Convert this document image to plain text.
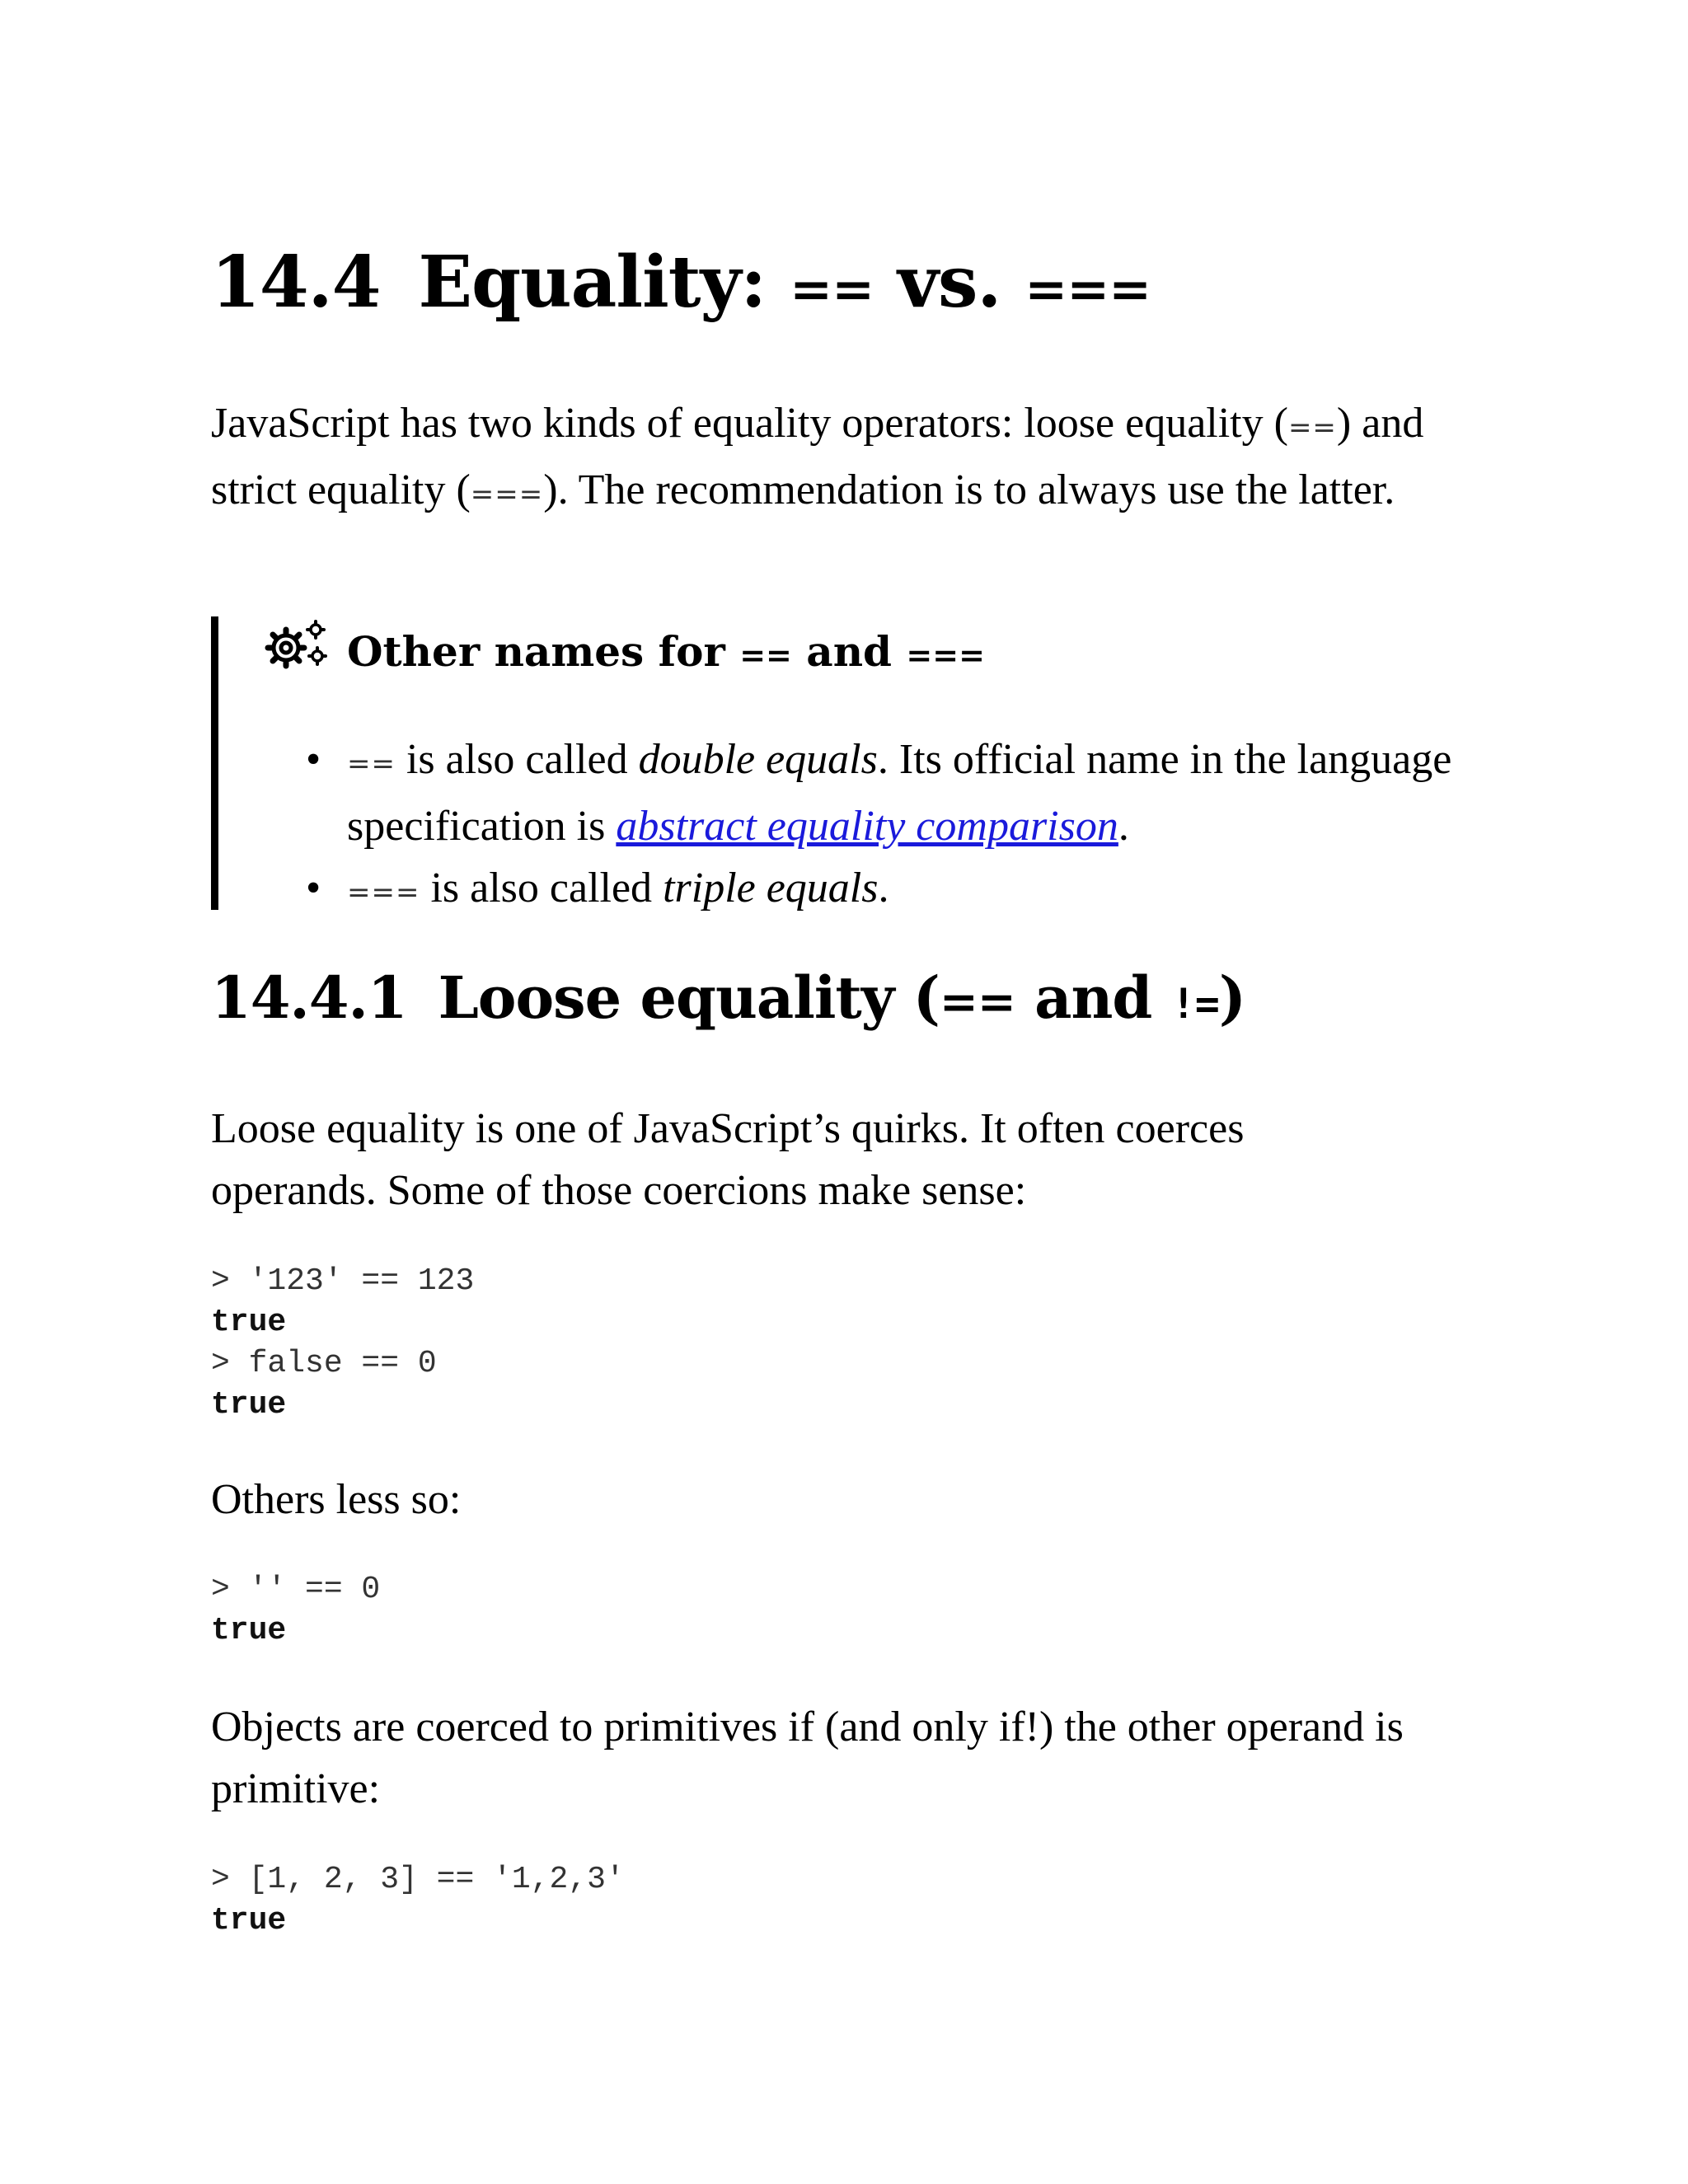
14.4 Equality: == vs. ===

JavaScript has two kinds of equality operators: loose equality (==) and strict equality (===). The recommendation is to always use the latter.

Other names for == and ===
• == is also called double equals. Its official name in the language specification is abstract equality comparison.
• === is also called triple equals.
14.4.1 Loose equality (== and !=)

Loose equality is one of JavaScript’s quirks. It often coerces operands. Some of those coercions make sense:

> '123' == 123
true
> false == 0
true

Others less so:

> '' == 0
true

Objects are coerced to primitives if (and only if!) the other operand is primitive:

> [1, 2, 3] == '1,2,3'
true
